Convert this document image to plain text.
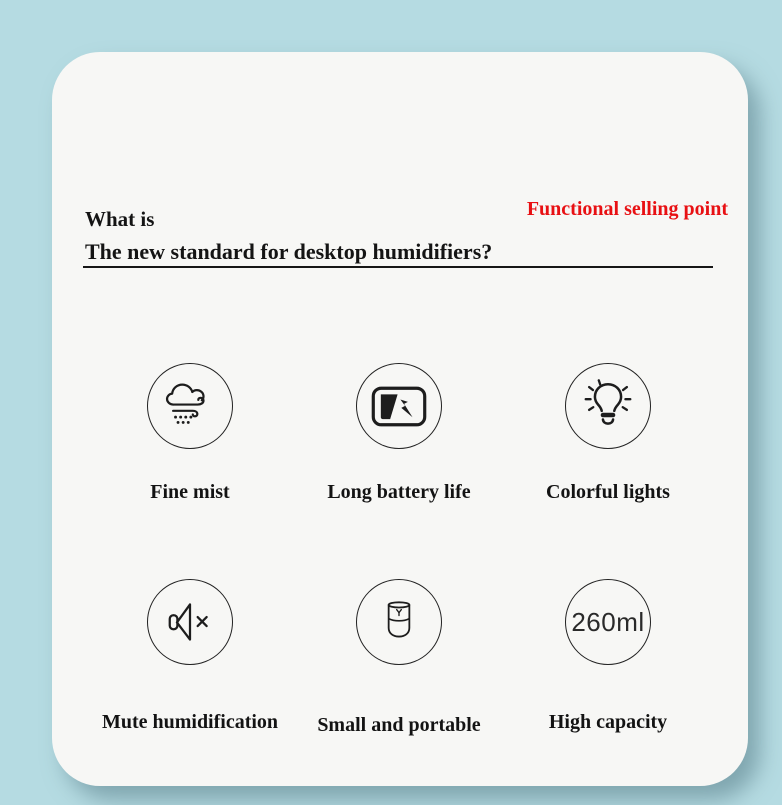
Functional selling point
What is
The new standard for desktop humidifiers?
Fine mist	Long battery life	Colorful lights
Mute humidification	Small and portable
260ml
High capacity
